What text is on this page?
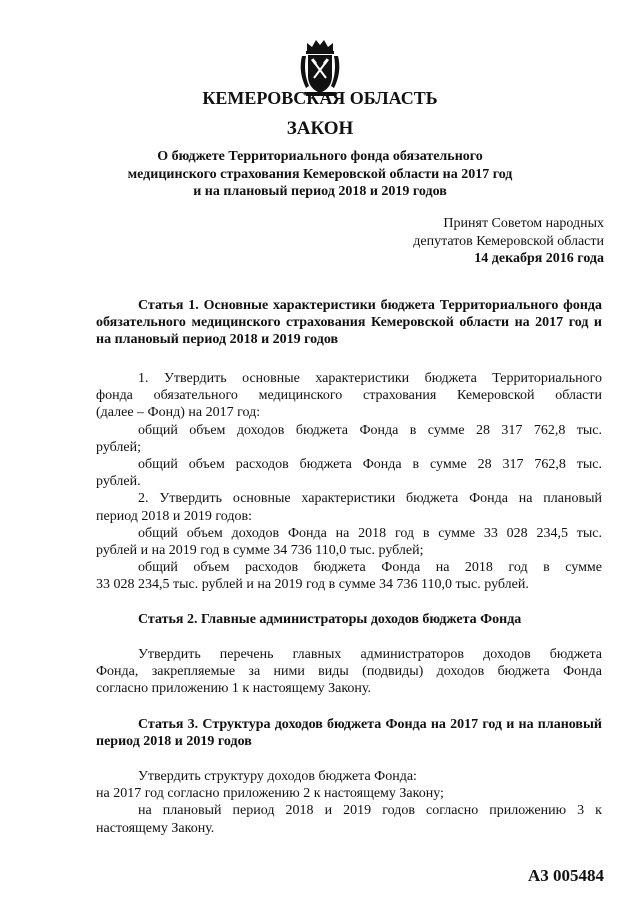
КЕМЕРОВСКАЯ ОБЛАСТЬ
ЗАКОН
О бюджете Территориального фонда обязательного
медицинского страхования Кемеровской области на 2017 год
и на плановый период 2018 и 2019 годов
Принят Советом народных
депутатов Кемеровской области
14 декабря 2016 года
Статья 1. Основные характеристики бюджета Территориального фонда обязательного медицинского страхования Кемеровской области на 2017 год и на плановый период 2018 и 2019 годов
1. Утвердить основные характеристики бюджета Территориального
фонда обязательного медицинского страхования Кемеровской области
(далее – Фонд) на 2017 год:
общий объем доходов бюджета Фонда в сумме 28 317 762,8 тыс.
рублей;
общий объем расходов бюджета Фонда в сумме 28 317 762,8 тыс.
рублей.
2. Утвердить основные характеристики бюджета Фонда на плановый
период 2018 и 2019 годов:
общий объем доходов Фонда на 2018 год в сумме 33 028 234,5 тыс.
рублей и на 2019 год в сумме 34 736 110,0 тыс. рублей;
общий объем расходов бюджета Фонда на 2018 год в сумме
33 028 234,5 тыс. рублей и на 2019 год в сумме 34 736 110,0 тыс. рублей.
Статья 2. Главные администраторы доходов бюджета Фонда
Утвердить перечень главных администраторов доходов бюджета
Фонда, закрепляемые за ними виды (подвиды) доходов бюджета Фонда
согласно приложению 1 к настоящему Закону.
Статья 3. Структура доходов бюджета Фонда на 2017 год и на плановый период 2018 и 2019 годов
Утвердить структуру доходов бюджета Фонда:
на 2017 год согласно приложению 2 к настоящему Закону;
на плановый период 2018 и 2019 годов согласно приложению 3 к
настоящему Закону.
А3 005484
